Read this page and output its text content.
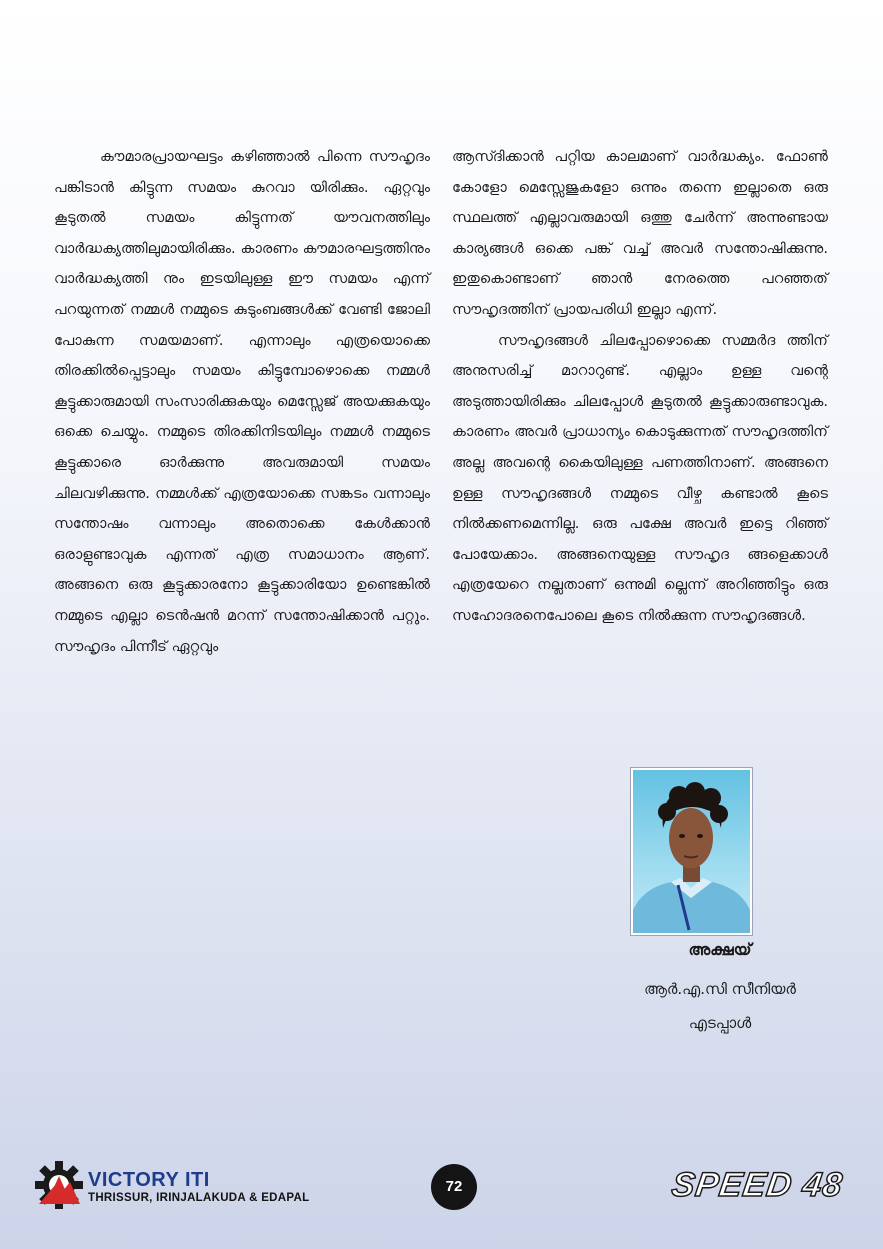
കൗമാരപ്രായഘട്ടം കഴിഞ്ഞാൽ പിന്നെ സൗഹൃദം പങ്കിടാൻ കിട്ടുന്ന സമയം കുറവാ യിരിക്കും. ഏറ്റവും കൂടുതൽ സമയം കിട്ടുന്നത് യൗവനത്തിലും വാർദ്ധക്യത്തിലുമായിരിക്കും. കാരണം കൗമാരഘട്ടത്തിനും വാർദ്ധക്യത്തി നും ഇടയിലുള്ള ഈ സമയം എന്ന് പറയുന്നത് നമ്മൾ നമ്മുടെ കുടുംബങ്ങൾക്ക് വേണ്ടി ജോലി പോകുന്ന സമയമാണ്. എന്നാലും എത്രയൊക്കെ തിരക്കിൽപ്പെട്ടാലും സമയം കിട്ടുമ്പോഴൊക്കെ നമ്മൾ കൂട്ടുക്കാരുമായി സംസാരിക്കുകയും മെസ്സേജ് അയക്കുകയും ഒക്കെ ചെയ്യും. നമ്മുടെ തിരക്കിനിടയിലും നമ്മൾ നമ്മുടെ കൂട്ടുക്കാരെ ഓർക്കുന്നു അവരുമായി സമയം ചിലവഴിക്കുന്നു. നമ്മൾക്ക് എത്രയോക്കെ സങ്കടം വന്നാലും സന്തോഷം വന്നാലും അതൊക്കെ കേൾക്കാൻ ഒരാളുണ്ടാവുക എന്നത് എത്ര സമാധാനം ആണ്. അങ്ങനെ ഒരു കൂട്ടുക്കാരനോ കൂട്ടുക്കാരിയോ ഉണ്ടെങ്കിൽ നമ്മുടെ എല്ലാ ടെൻഷൻ മറന്ന് സന്തോഷിക്കാൻ പറ്റും. സൗഹൃദം പിന്നീട് ഏറ്റവും

ആസ്ദിക്കാൻ പറ്റിയ കാലമാണ് വാർദ്ധക്യം. ഫോൺ കോളോ മെസ്സേജുകളോ ഒന്നും തന്നെ ഇല്ലാതെ ഒരു സ്ഥലത്ത് എല്ലാവരുമായി ഒത്തു ചേർന്ന് അന്നുണ്ടായ കാര്യങ്ങൾ ഒക്കെ പങ്ക് വച്ച് അവർ സന്തോഷിക്കുന്നു. ഇതുകൊണ്ടാണ് ഞാൻ നേരത്തെ പറഞ്ഞത് സൗഹൃദത്തിന് പ്രായപരിധി ഇല്ലാ എന്ന്.

സൗഹൃദങ്ങൾ ചിലപ്പോഴൊക്കെ സമ്മർദ ത്തിന് അനുസരിച്ച് മാറാറുണ്ട്. എല്ലാം ഉള്ള വന്റെ അടുത്തായിരിക്കും ചിലപ്പോൾ കൂടുതൽ കൂട്ടുക്കാരുണ്ടാവുക. കാരണം അവർ പ്രാധാന്യം കൊടുക്കുന്നത് സൗഹൃദത്തിന് അല്ല അവന്റെ കൈയിലുള്ള പണത്തിനാണ്. അങ്ങനെ ഉള്ള സൗഹൃദങ്ങൾ നമ്മുടെ വീഴ്ച കണ്ടാൽ കൂടെ നിൽക്കണമെന്നില്ല. ഒരു പക്ഷേ അവർ ഇട്ടെ റിഞ്ഞ് പോയേക്കാം. അങ്ങനെയുള്ള സൗഹൃദ ങ്ങളെക്കാൾ എത്രയേറെ നല്ലതാണ് ഒന്നുമി ല്ലെന്ന് അറിഞ്ഞിട്ടും ഒരു സഹോദരനെപോലെ കൂടെ നിൽക്കുന്ന സൗഹൃദങ്ങൾ.

അക്ഷയ്
ആർ.എ.സി സീനിയർ
എടപ്പാൾ
VICTORY ITI
THRISSUR, IRINJALAKUDA & EDAPAL
72	SPEED 48
